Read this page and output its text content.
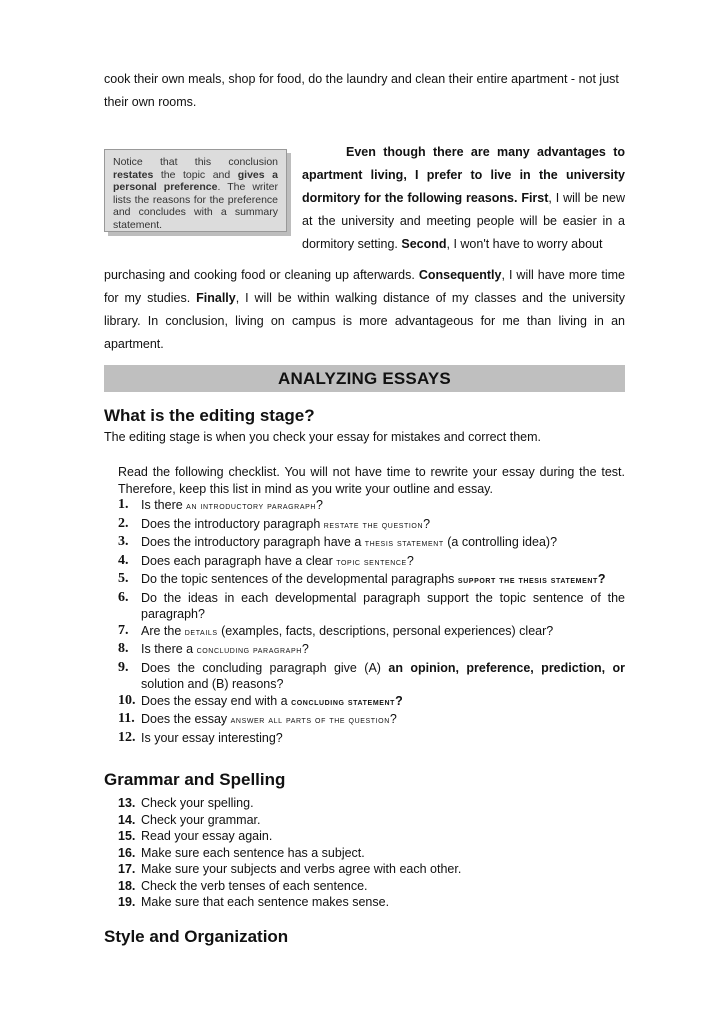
cook their own meals, shop for food, do the laundry and clean their entire apartment - not just
their own rooms.

Notice that this conclusion restates the topic and gives a personal preference. The writer lists the reasons for the preference and concludes with a summary statement.

Even though there are many advantages to apartment living, I prefer to live in the university dormitory for the following reasons. First, I will be new at the university and meeting people will be easier in a dormitory setting. Second, I won't have to worry about

purchasing and cooking food or cleaning up afterwards. Consequently, I will have more time for my studies. Finally, I will be within walking distance of my classes and the university library. In conclusion, living on campus is more advantageous for me than living in an apartment.

ANALYZING ESSAYS
What is the editing stage?

The editing stage is when you check your essay for mistakes and correct them.

Read the following checklist. You will not have time to rewrite your essay during the test. Therefore, keep this list in mind as you write your outline and essay.

1.	Is there an introductory paragraph?
2.	Does the introductory paragraph restate the question?
3.	Does the introductory paragraph have a thesis statement (a controlling idea)?
4.	Does each paragraph have a clear topic sentence?
5.	Do the topic sentences of the developmental paragraphs support the thesis statement?
6.	Do the ideas in each developmental paragraph support the topic sentence of the paragraph?
7.	Are the details (examples, facts, descriptions, personal experiences) clear?
8.	Is there a concluding paragraph?
9.	Does the concluding paragraph give (A) an opinion, preference, prediction, or solution and (B) reasons?
10. Does the essay end with a concluding statement?
11. Does the essay answer all parts of the question?
12. Is your essay interesting?
Grammar and Spelling
13. Check your spelling.
14. Check your grammar.
15. Read your essay again.
16. Make sure each sentence has a subject.
17. Make sure your subjects and verbs agree with each other.
18. Check the verb tenses of each sentence.
19. Make sure that each sentence makes sense.
Style and Organization
